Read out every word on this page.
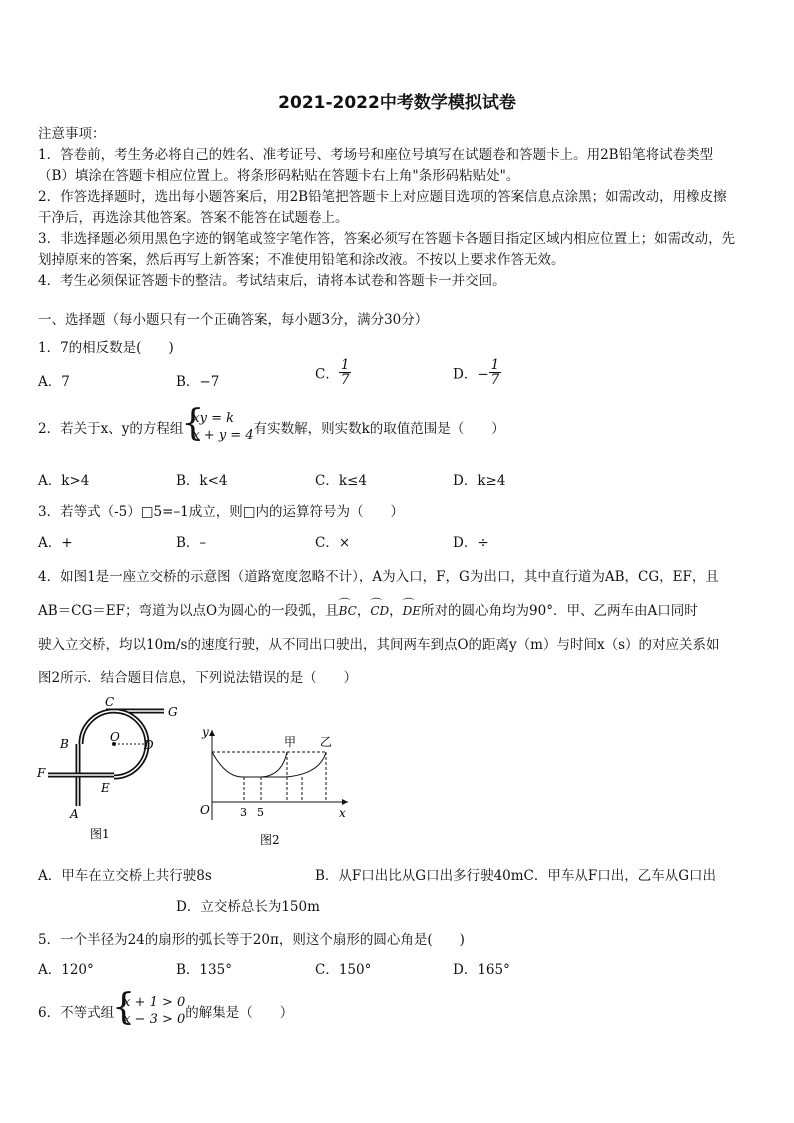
2021-2022中考数学模拟试卷
注意事项：
1．答卷前，考生务必将自己的姓名、准考证号、考场号和座位号填写在试题卷和答题卡上。用2B铅笔将试卷类型
（B）填涂在答题卡相应位置上。将条形码粘贴在答题卡右上角"条形码粘贴处"。
2．作答选择题时，选出每小题答案后，用2B铅笔把答题卡上对应题目选项的答案信息点涂黑；如需改动，用橡皮擦
干净后，再选涂其他答案。答案不能答在试题卷上。
3．非选择题必须用黑色字迹的钢笔或签字笔作答，答案必须写在答题卡各题目指定区域内相应位置上；如需改动，先
划掉原来的答案，然后再写上新答案；不准使用铅笔和涂改液。不按以上要求作答无效。
4．考生必须保证答题卡的整洁。考试结束后，请将本试卷和答题卡一并交回。
一、选择题（每小题只有一个正确答案，每小题3分，满分30分）
1．7的相反数是(　　)
A．7	B．−7	C． $\frac{1}{7}$	D．− $\frac{1}{7}$
2．若关于x、y的方程组
{ xy = k
x + y = 4 有实数解，则实数k的取值范围是（　　）
A．k>4	B．k<4	C．k≤4	D．k≥4
3．若等式（-5）□5=–1成立，则□内的运算符号为（　　）
A．+	B．–	C．×	D．÷
4．如图1是一座立交桥的示意图（道路宽度忽略不计），A为入口，F，G为出口，其中直行道为AB，CG，EF，且
AB＝CG＝EF；弯道为以点O为圆心的一段弧，且⌒ BC，⌒ CD，⌒ DE所对的圆心角均为90°．甲、乙两车由A口同时
驶入立交桥，均以10m/s的速度行驶，从不同出口驶出，其间两车到点O的距离y（m）与时间x（s）的对应关系如
图2所示．结合题目信息，下列说法错误的是（　　）
C
G
B	O
D
F
E
A
图1
y
x
O	3 5
甲 乙
图2
A．甲车在立交桥上共行驶8s	B．从F口出比从G口出多行驶40mC．甲车从F口出，乙车从G口出
D．立交桥总长为150m
5．一个半径为24的扇形的弧长等于20π，则这个扇形的圆心角是(　　)
A．120°	B．135°	C．150°	D．165°
6．不等式组
{ x + 1 > 0
x − 3 > 0 的解集是（　　）
